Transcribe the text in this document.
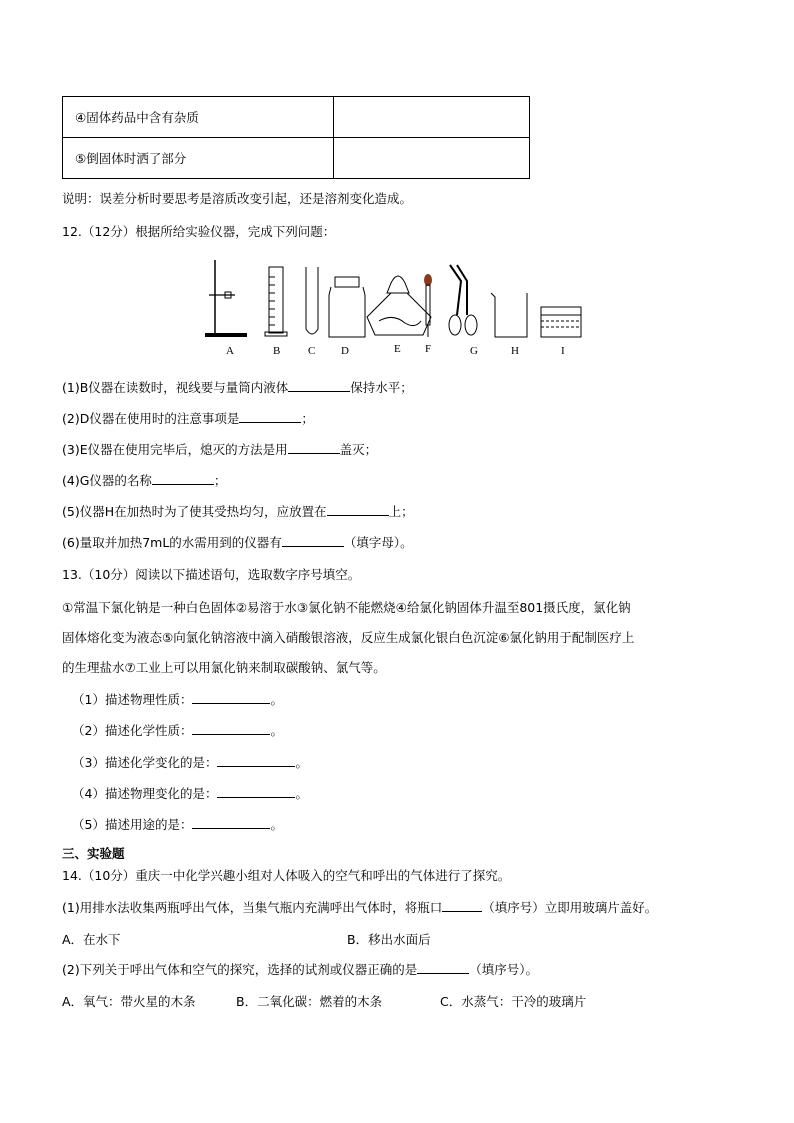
④固体药品中含有杂质	
⑤倒固体时洒了部分	
说明：误差分析时要思考是溶质改变引起，还是溶剂变化造成。
12.（12分）根据所给实验仪器，完成下列问题：
A	B	C D	E F	G	H	I
(1)B仪器在读数时，视线要与量筒内液体	保持水平；
(2)D仪器在使用时的注意事项是	；
(3)E仪器在使用完毕后，熄灭的方法是用	盖灭；
(4)G仪器的名称	；
(5)仪器H在加热时为了使其受热均匀，应放置在	上；
(6)量取并加热7mL的水需用到的仪器有	（填字母）。
13.（10分）阅读以下描述语句，选取数字序号填空。
①常温下氯化钠是一种白色固体②易溶于水③氯化钠不能燃烧④给氯化钠固体升温至801摄氏度，氯化钠
固体熔化变为液态⑤向氯化钠溶液中滴入硝酸银溶液，反应生成氯化银白色沉淀⑥氯化钠用于配制医疗上
的生理盐水⑦工业上可以用氯化钠来制取碳酸钠、氯气等。
（1）描述物理性质：	。
（2）描述化学性质：	。
（3）描述化学变化的是：	。
（4）描述物理变化的是：	。
（5）描述用途的是：	。
三、实验题
14.（10分）重庆一中化学兴趣小组对人体吸入的空气和呼出的气体进行了探究。
(1)用排水法收集两瓶呼出气体，当集气瓶内充满呼出气体时，将瓶口	（填序号）立即用玻璃片盖好。
A．在水下	B．移出水面后
(2)下列关于呼出气体和空气的探究，选择的试剂或仪器正确的是	（填序号）。
A．氧气：带火星的木条	B．二氧化碳：燃着的木条	C．水蒸气：干冷的玻璃片
